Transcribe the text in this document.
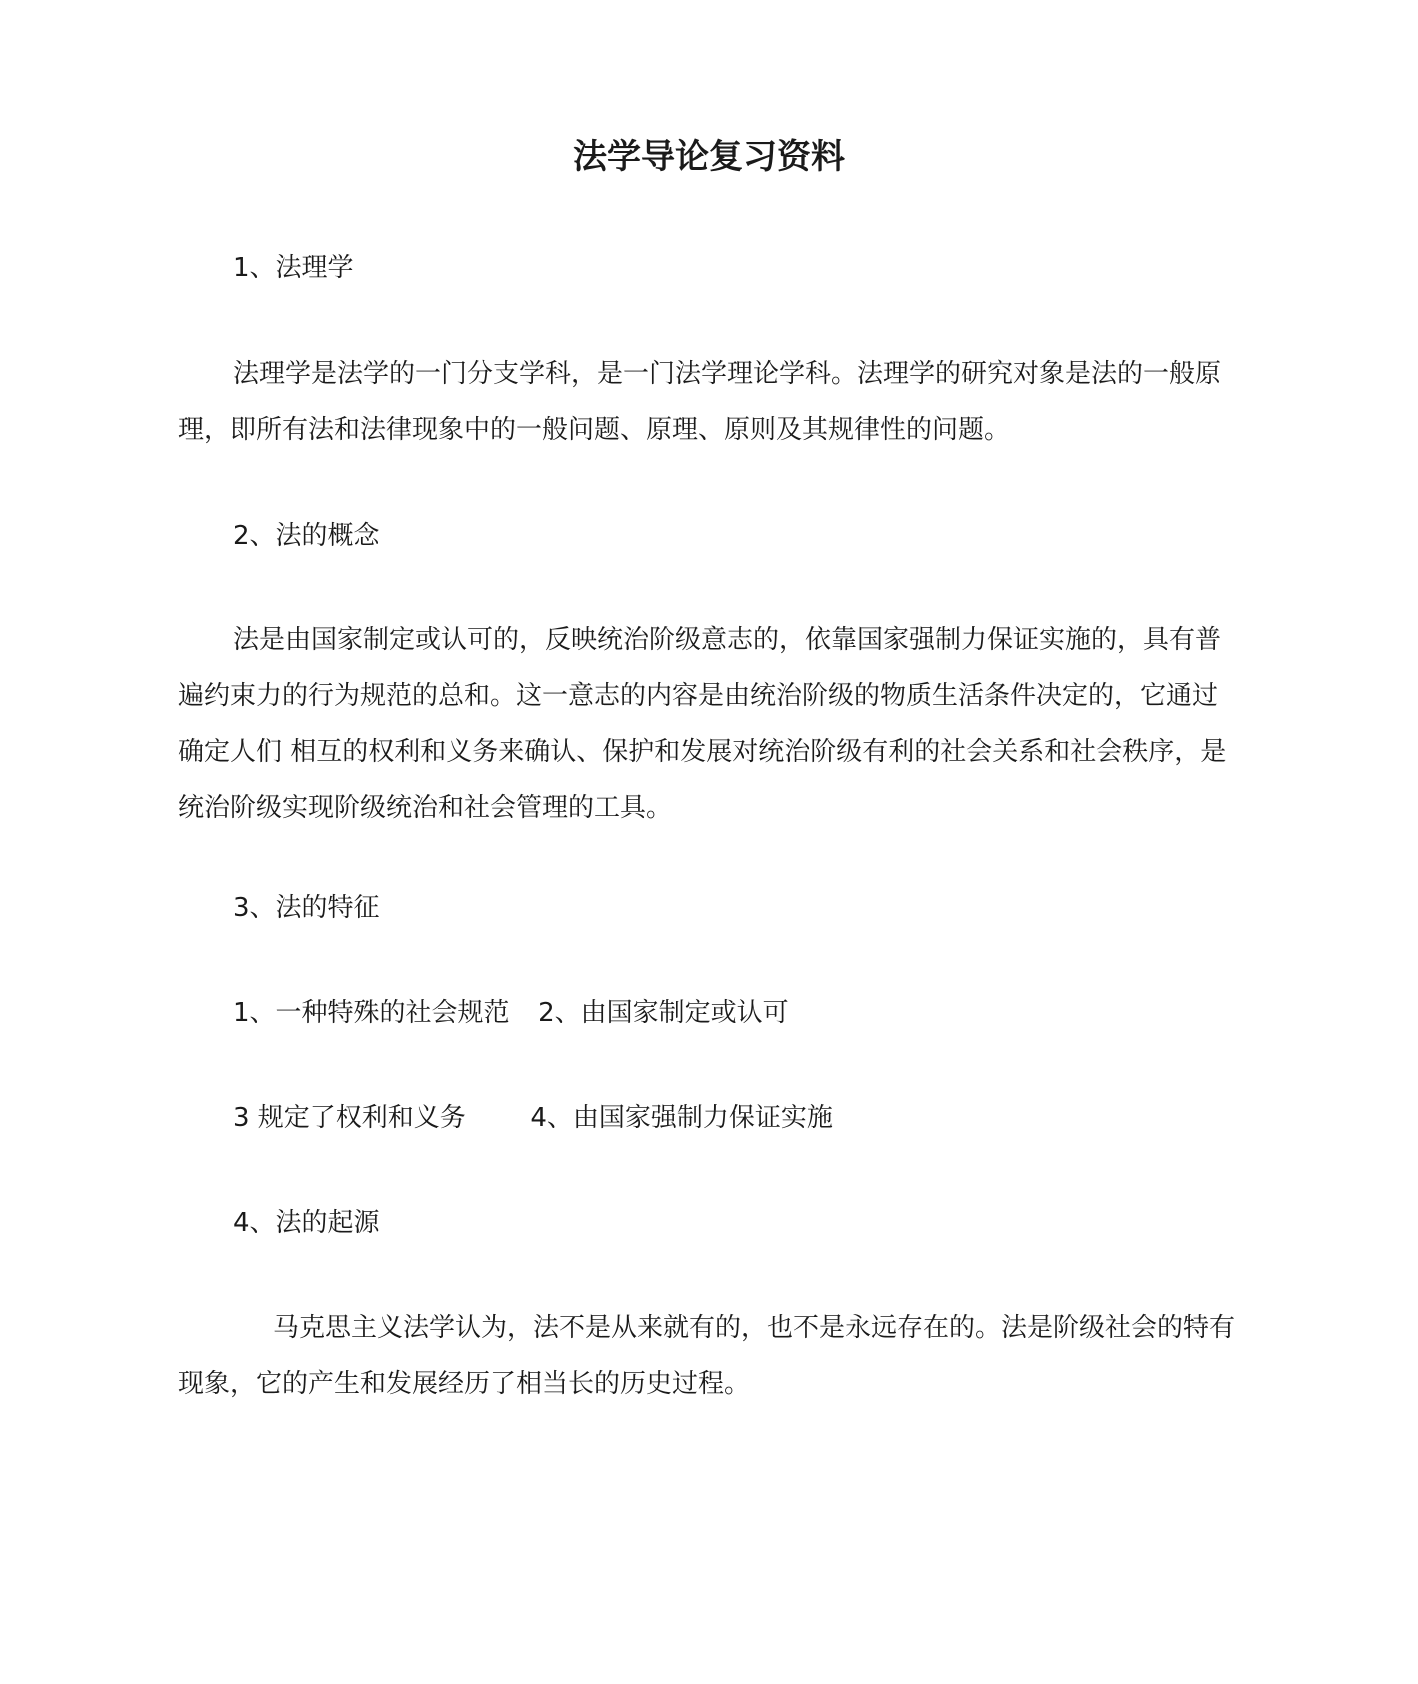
法学导论复习资料
1、法理学

法理学是法学的一门分支学科，是一门法学理论学科。法理学的研究对象是法的一般原理，即所有法和法律现象中的一般问题、原理、原则及其规律性的问题。

2、法的概念

法是由国家制定或认可的，反映统治阶级意志的，依靠国家强制力保证实施的，具有普遍约束力的行为规范的总和。这一意志的内容是由统治阶级的物质生活条件决定的，它通过确定人们 相互的权利和义务来确认、保护和发展对统治阶级有利的社会关系和社会秩序，是统治阶级实现阶级统治和社会管理的工具。

3、法的特征
1、一种特殊的社会规范 2、由国家制定或认可
3 规定了权利和义务 4、由国家强制力保证实施
4、法的起源

马克思主义法学认为，法不是从来就有的，也不是永远存在的。法是阶级社会的特有现象，它的产生和发展经历了相当长的历史过程。
